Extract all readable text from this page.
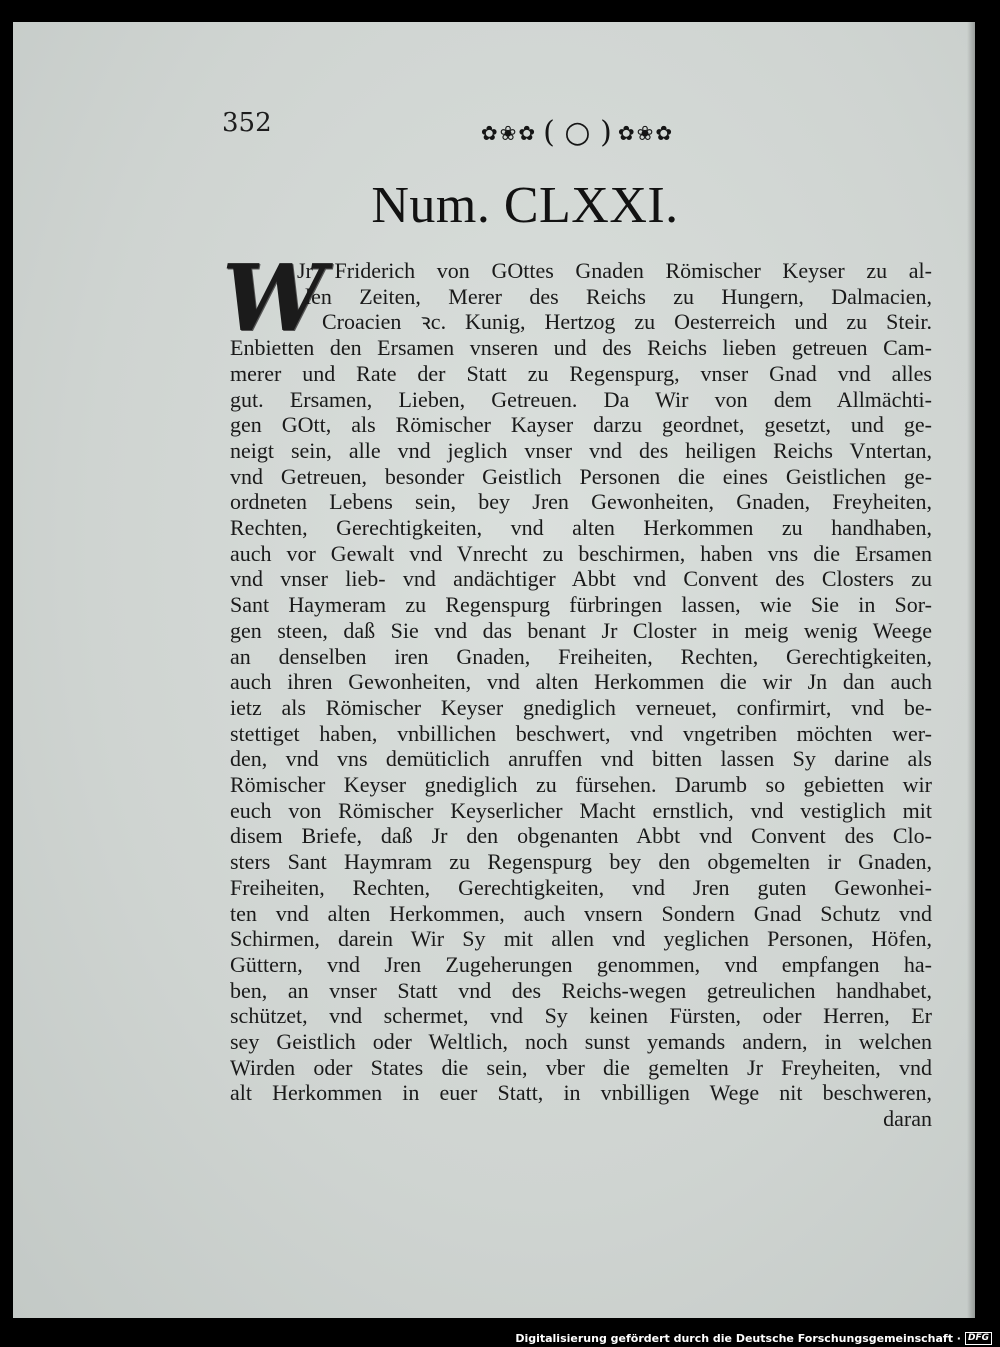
352	✿❀✿ ( ○ ) ✿❀✿
Num. CLXXI.
W
Jr Friderich von GOttes Gnaden Römischer Keyser zu al-
len Zeiten, Merer des Reichs zu Hungern, Dalmacien,
Croacien ꝛc. Kunig, Hertzog zu Oesterreich und zu Steir.
Enbietten den Ersamen vnseren und des Reichs lieben getreuen Cam-
merer und Rate der Statt zu Regenspurg, vnser Gnad vnd alles
gut. Ersamen, Lieben, Getreuen. Da Wir von dem Allmächti-
gen GOtt, als Römischer Kayser darzu geordnet, gesetzt, und ge-
neigt sein, alle vnd jeglich vnser vnd des heiligen Reichs Vntertan,
vnd Getreuen, besonder Geistlich Personen die eines Geistlichen ge-
ordneten Lebens sein, bey Jren Gewonheiten, Gnaden, Freyheiten,
Rechten, Gerechtigkeiten, vnd alten Herkommen zu handhaben,
auch vor Gewalt vnd Vnrecht zu beschirmen, haben vns die Ersamen
vnd vnser lieb- vnd andächtiger Abbt vnd Convent des Closters zu
Sant Haymeram zu Regenspurg fürbringen lassen, wie Sie in Sor-
gen steen, daß Sie vnd das benant Jr Closter in meig wenig Weege
an denselben iren Gnaden, Freiheiten, Rechten, Gerechtigkeiten,
auch ihren Gewonheiten, vnd alten Herkommen die wir Jn dan auch
ietz als Römischer Keyser gnediglich verneuet, confirmirt, vnd be-
stettiget haben, vnbillichen beschwert, vnd vngetriben möchten wer-
den, vnd vns demüticlich anruffen vnd bitten lassen Sy darine als
Römischer Keyser gnediglich zu fürsehen. Darumb so gebietten wir
euch von Römischer Keyserlicher Macht ernstlich, vnd vestiglich mit
disem Briefe, daß Jr den obgenanten Abbt vnd Convent des Clo-
sters Sant Haymram zu Regenspurg bey den obgemelten ir Gnaden,
Freiheiten, Rechten, Gerechtigkeiten, vnd Jren guten Gewonhei-
ten vnd alten Herkommen, auch vnsern Sondern Gnad Schutz vnd
Schirmen, darein Wir Sy mit allen vnd yeglichen Personen, Höfen,
Güttern, vnd Jren Zugeherungen genommen, vnd empfangen ha-
ben, an vnser Statt vnd des Reichs-wegen getreulichen handhabet,
schützet, vnd schermet, vnd Sy keinen Fürsten, oder Herren, Er
sey Geistlich oder Weltlich, noch sunst yemands andern, in welchen
Wirden oder States die sein, vber die gemelten Jr Freyheiten, vnd
alt Herkommen in euer Statt, in vnbilligen Wege nit beschweren,
daran
Digitalisierung gefördert durch die Deutsche Forschungsgemeinschaft · DFG
